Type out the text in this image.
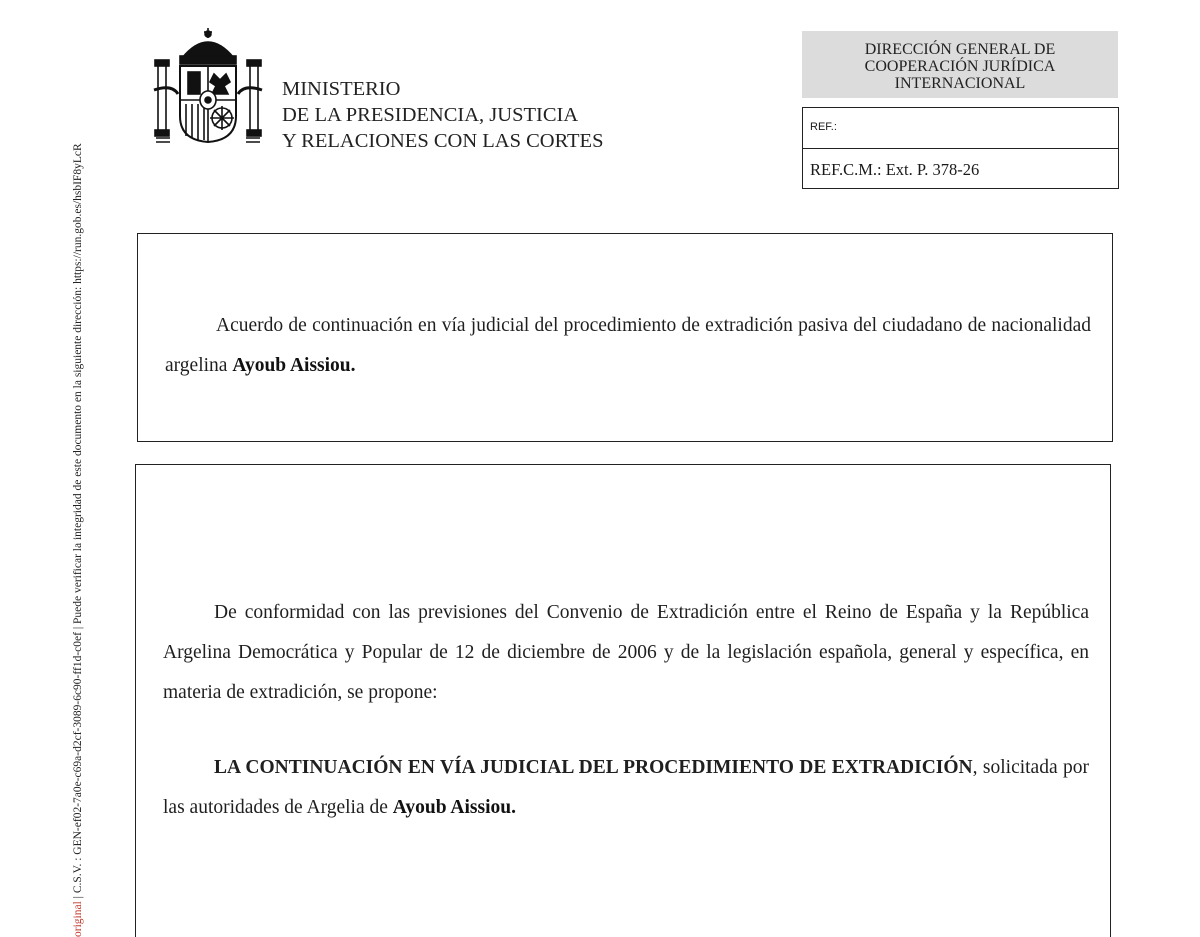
original | C.S.V. : GEN-ef02-7a0e-c69a-d2cf-3089-6c90-ff1d-c0ef | Puede verificar la integridad de este documento en la siguiente dirección: https://run.gob.es/hsbIF8yLcR
MINISTERIO
DE LA PRESIDENCIA, JUSTICIA
Y RELACIONES CON LAS CORTES
DIRECCIÓN GENERAL DE
COOPERACIÓN JURÍDICA
INTERNACIONAL
REF.:
REF.C.M.: Ext. P. 378-26
Acuerdo de continuación en vía judicial del procedimiento de extradición pasiva del ciudadano de nacionalidad argelina Ayoub Aissiou.
De conformidad con las previsiones del Convenio de Extradición entre el Reino de España y la República Argelina Democrática y Popular de 12 de diciembre de 2006 y de la legislación española, general y específica, en materia de extradición, se propone:
LA CONTINUACIÓN EN VÍA JUDICIAL DEL PROCEDIMIENTO DE EXTRADICIÓN, solicitada por las autoridades de Argelia de Ayoub Aissiou.
